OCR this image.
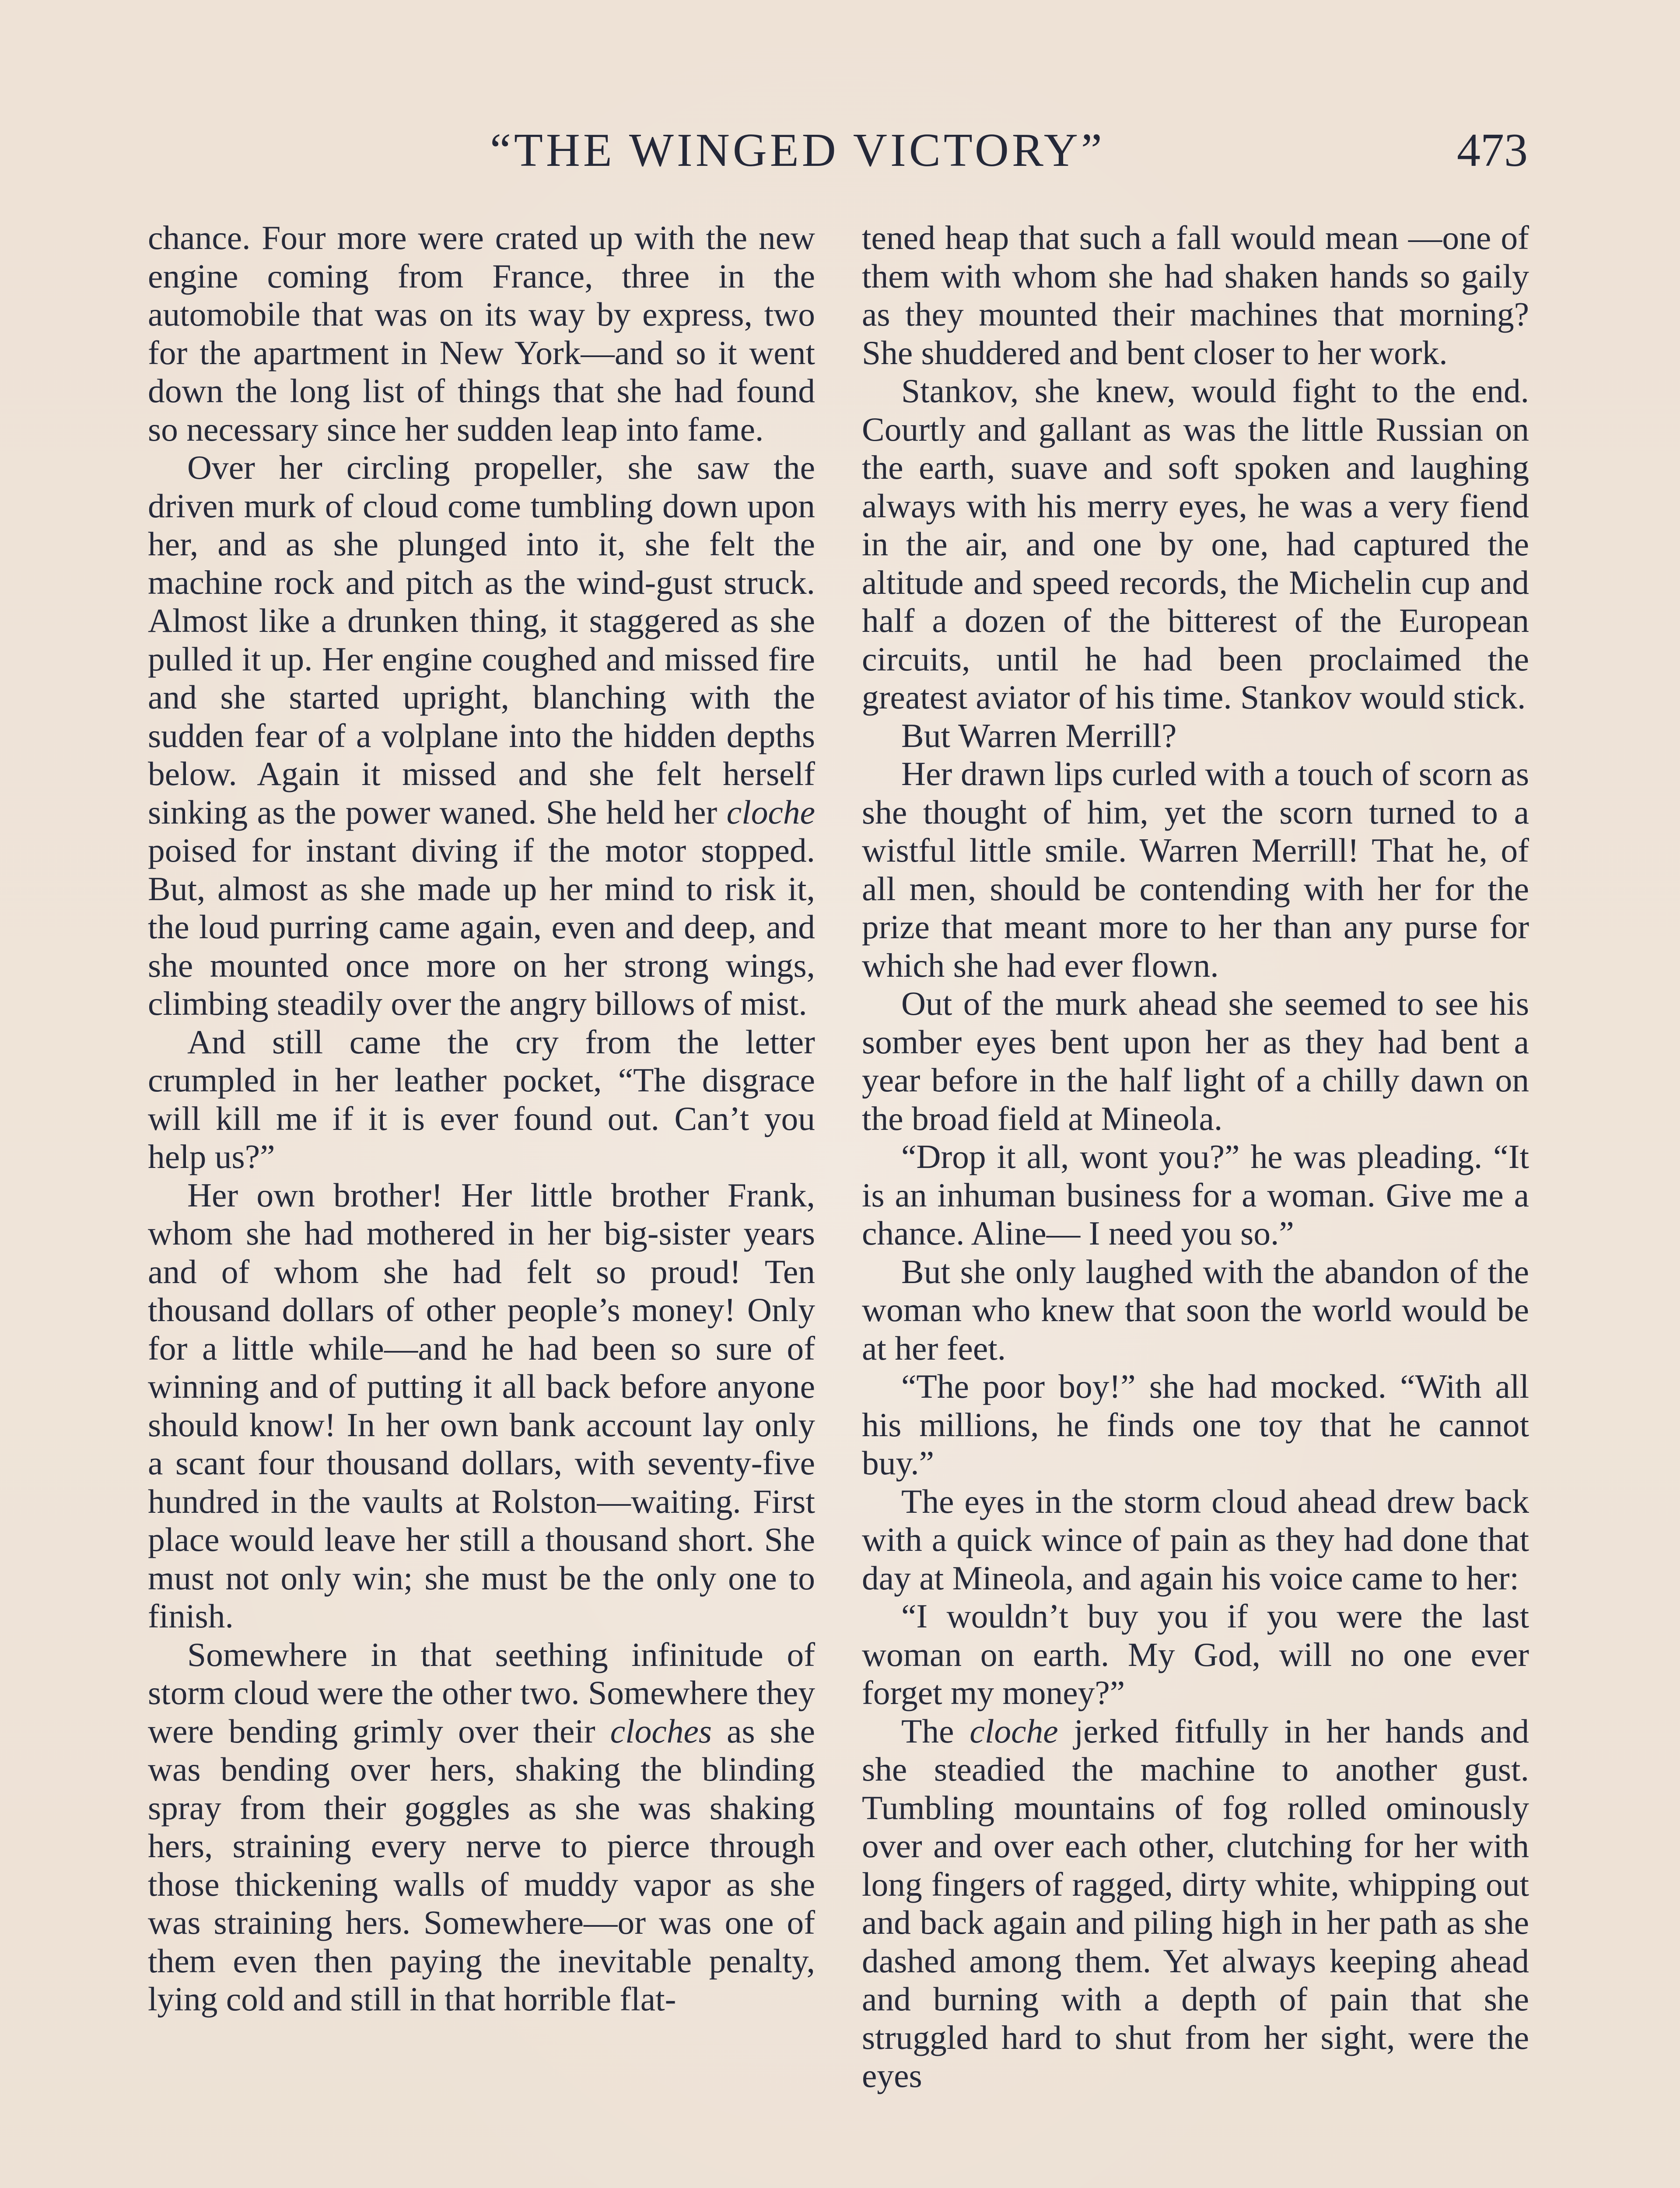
“THE WINGED VICTORY”	473

chance. Four more were crated up with the new engine coming from France, three in the automobile that was on its way by express, two for the apartment in New York—and so it went down the long list of things that she had found so necessary since her sudden leap into fame.

Over her circling propeller, she saw the driven murk of cloud come tumbling down upon her, and as she plunged into it, she felt the machine rock and pitch as the wind-gust struck. Almost like a drunken thing, it staggered as she pulled it up. Her engine coughed and missed fire and she started upright, blanching with the sudden fear of a volplane into the hidden depths below. Again it missed and she felt herself sinking as the power waned. She held her cloche poised for instant diving if the motor stopped. But, almost as she made up her mind to risk it, the loud purring came again, even and deep, and she mounted once more on her strong wings, climbing steadily over the angry billows of mist.

And still came the cry from the letter crumpled in her leather pocket, “The disgrace will kill me if it is ever found out. Can’t you help us?”

Her own brother! Her little brother Frank, whom she had mothered in her big-sister years and of whom she had felt so proud! Ten thousand dollars of other people’s money! Only for a little while—and he had been so sure of winning and of putting it all back before anyone should know! In her own bank account lay only a scant four thousand dollars, with seventy-five hundred in the vaults at Rolston—waiting. First place would leave her still a thousand short. She must not only win; she must be the only one to finish.

Somewhere in that seething infinitude of storm cloud were the other two. Somewhere they were bending grimly over their cloches as she was bending over hers, shaking the blinding spray from their goggles as she was shaking hers, straining every nerve to pierce through those thickening walls of muddy vapor as she was straining hers. Somewhere—or was one of them even then paying the inevitable penalty, lying cold and still in that horrible flat-

tened heap that such a fall would mean —one of them with whom she had shaken hands so gaily as they mounted their machines that morning? She shuddered and bent closer to her work.

Stankov, she knew, would fight to the end. Courtly and gallant as was the little Russian on the earth, suave and soft spoken and laughing always with his merry eyes, he was a very fiend in the air, and one by one, had captured the altitude and speed records, the Michelin cup and half a dozen of the bitterest of the European circuits, until he had been proclaimed the greatest aviator of his time. Stankov would stick.

But Warren Merrill?

Her drawn lips curled with a touch of scorn as she thought of him, yet the scorn turned to a wistful little smile. Warren Merrill! That he, of all men, should be contending with her for the prize that meant more to her than any purse for which she had ever flown.

Out of the murk ahead she seemed to see his somber eyes bent upon her as they had bent a year before in the half light of a chilly dawn on the broad field at Mineola.

“Drop it all, wont you?” he was pleading. “It is an inhuman business for a woman. Give me a chance. Aline— I need you so.”

But she only laughed with the abandon of the woman who knew that soon the world would be at her feet.

“The poor boy!” she had mocked. “With all his millions, he finds one toy that he cannot buy.”

The eyes in the storm cloud ahead drew back with a quick wince of pain as they had done that day at Mineola, and again his voice came to her:

“I wouldn’t buy you if you were the last woman on earth. My God, will no one ever forget my money?”

The cloche jerked fitfully in her hands and she steadied the machine to another gust. Tumbling mountains of fog rolled ominously over and over each other, clutching for her with long fingers of ragged, dirty white, whipping out and back again and piling high in her path as she dashed among them. Yet always keeping ahead and burning with a depth of pain that she struggled hard to shut from her sight, were the eyes
